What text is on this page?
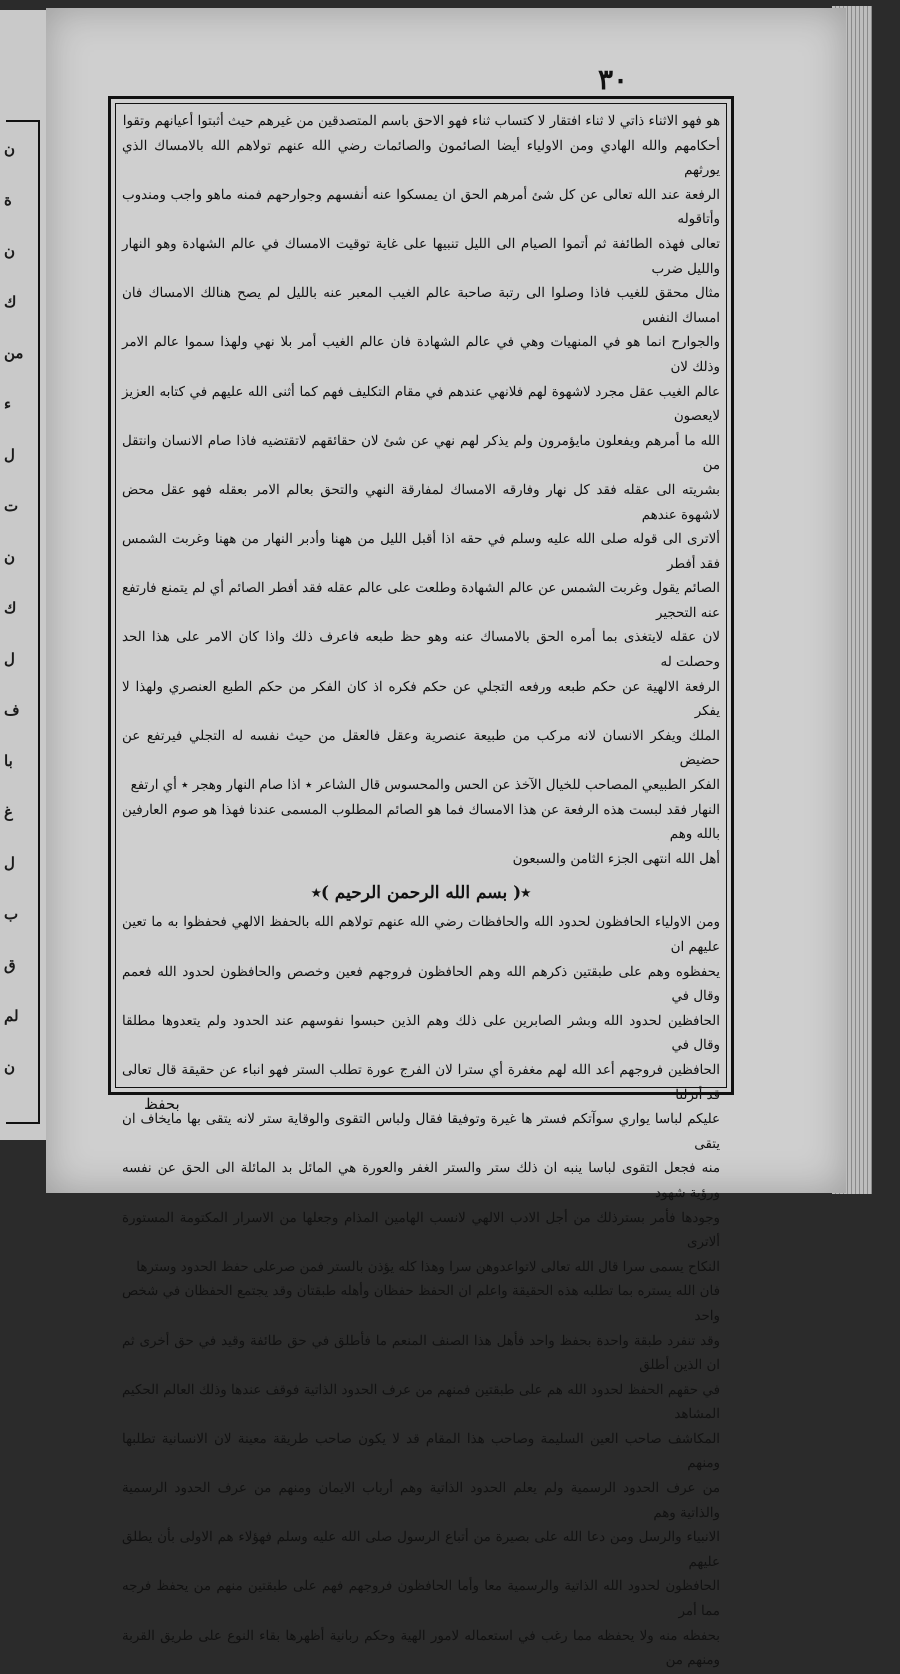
ن
ة
ن
ك
من
ء
ل
ت
ن
ك
ل
ف
با
غ
ل
ب
ق
لم
ن
٣٠

هو فهو الاثناء ذاتي لا ثناء افتقار لا كتساب ثناء فهو الاحق باسم المتصدقين من غيرهم حيث أثبتوا أعيانهم وتقوا

أحكامهم والله الهادي ومن الاولياء أيضا الصائمون والصائمات رضي الله عنهم تولاهم الله بالامساك الذي يورثهم

الرفعة عند الله تعالى عن كل شئ أمرهم الحق ان يمسكوا عنه أنفسهم وجوارحهم فمنه ماهو واجب ومندوب وأتاقوله

تعالى فهذه الطائفة ثم أتموا الصيام الى الليل تنبيها على غاية توقيت الامساك في عالم الشهادة وهو النهار والليل ضرب

مثال محقق للغيب فاذا وصلوا الى رتبة صاحبة عالم الغيب المعبر عنه بالليل لم يصح هنالك الامساك فان امساك النفس

والجوارح انما هو في المنهيات وهي في عالم الشهادة فان عالم الغيب أمر بلا نهي ولهذا سموا عالم الامر وذلك لان

عالم الغيب عقل مجرد لاشهوة لهم فلانهي عندهم في مقام التكليف فهم كما أثنى الله عليهم في كتابه العزيز لايعصون

الله ما أمرهم ويفعلون مايؤمرون ولم يذكر لهم نهي عن شئ لان حقائقهم لاتقتضيه فاذا صام الانسان وانتقل من

بشريته الى عقله فقد كل نهار وفارقه الامساك لمفارقة النهي والتحق بعالم الامر بعقله فهو عقل محض لاشهوة عندهم

ألاترى الى قوله صلى الله عليه وسلم في حقه اذا أقبل الليل من ههنا وأدبر النهار من ههنا وغربت الشمس فقد أفطر

الصائم يقول وغربت الشمس عن عالم الشهادة وطلعت على عالم عقله فقد أفطر الصائم أي لم يتمنع فارتفع عنه التحجير

لان عقله لايتغذى بما أمره الحق بالامساك عنه وهو حظ طبعه فاعرف ذلك واذا كان الامر على هذا الحد وحصلت له

الرفعة الالهية عن حكم طبعه ورفعه التجلي عن حكم فكره اذ كان الفكر من حكم الطبع العنصري ولهذا لا يفكر

الملك ويفكر الانسان لانه مركب من طبيعة عنصرية وعقل فالعقل من حيث نفسه له التجلي فيرتفع عن حضيض

الفكر الطبيعي المصاحب للخيال الآخذ عن الحس والمحسوس قال الشاعر ٭ اذا صام النهار وهجر ٭ أي ارتفع

النهار فقد لبست هذه الرفعة عن هذا الامساك فما هو الصائم المطلوب المسمى عندنا فهذا هو صوم العارفين بالله وهم

أهل الله انتهى الجزء الثامن والسبعون

٭( بسم الله الرحمن الرحيم )٭

ومن الاولياء الحافظون لحدود الله والحافظات رضي الله عنهم تولاهم الله بالحفظ الالهي فحفظوا به ما تعين عليهم ان

يحفظوه وهم على طبقتين ذكرهم الله وهم الحافظون فروجهم فعين وخصص والحافظون لحدود الله فعمم وقال في

الحافظين لحدود الله وبشر الصابرين على ذلك وهم الذين حبسوا نفوسهم عند الحدود ولم يتعدوها مطلقا وقال في

الحافظين فروجهم أعد الله لهم مغفرة أي سترا لان الفرج عورة تطلب الستر فهو انباء عن حقيقة قال تعالى قد أنزلنا

عليكم لباسا يواري سوآتكم فستر ها غيرة وتوفيقا فقال ولباس التقوى والوقاية ستر لانه يتقى بها مايخاف ان يتقى

منه فجعل التقوى لباسا ينبه ان ذلك ستر والستر الغفر والعورة هي المائل بد المائلة الى الحق عن نفسه ورؤية شهود

وجودها فأمر بسترذلك من أجل الادب الالهي لانسب الهامين المذام وجعلها من الاسرار المكتومة المستورة ألاترى

النكاح يسمى سرا قال الله تعالى لاتواعدوهن سرا وهذا كله يؤذن بالستر فمن صرعلى حفظ الحدود وسترها

فان الله يستره بما تطلبه هذه الحقيقة واعلم ان الحفظ حفظان وأهله طبقتان وقد يجتمع الحفظان في شخص واحد

وقد تنفرد طبقة واحدة بحفظ واحد فأهل هذا الصنف المنعم ما فأطلق في حق طائفة وقيد في حق أخرى ثم ان الذين أطلق

في حقهم الحفظ لحدود الله هم على طبقتين فمنهم من عرف الحدود الذاتية فوقف عندها وذلك العالم الحكيم المشاهد

المكاشف صاحب العين السليمة وصاحب هذا المقام قد لا يكون صاحب طريقة معينة لان الانسانية تطلبها ومنهم

من عرف الحدود الرسمية ولم يعلم الحدود الذاتية وهم أرباب الايمان ومنهم من عرف الحدود الرسمية والذاتية وهم

الانبياء والرسل ومن دعا الله على بصيرة من أتباع الرسول صلى الله عليه وسلم فهؤلاء هم الاولى بأن يطلق عليهم

الحافظون لحدود الله الذاتية والرسمية معا وأما الحافظون فروجهم فهم على طبقتين منهم من يحفظ فرجه مما أمر

بحفظه منه ولا يحفظه مما رغب في استعماله لامور الهية وحكم ربانية أظهرها بقاء النوع على طريق القربة ومنهم من

بحفظ
